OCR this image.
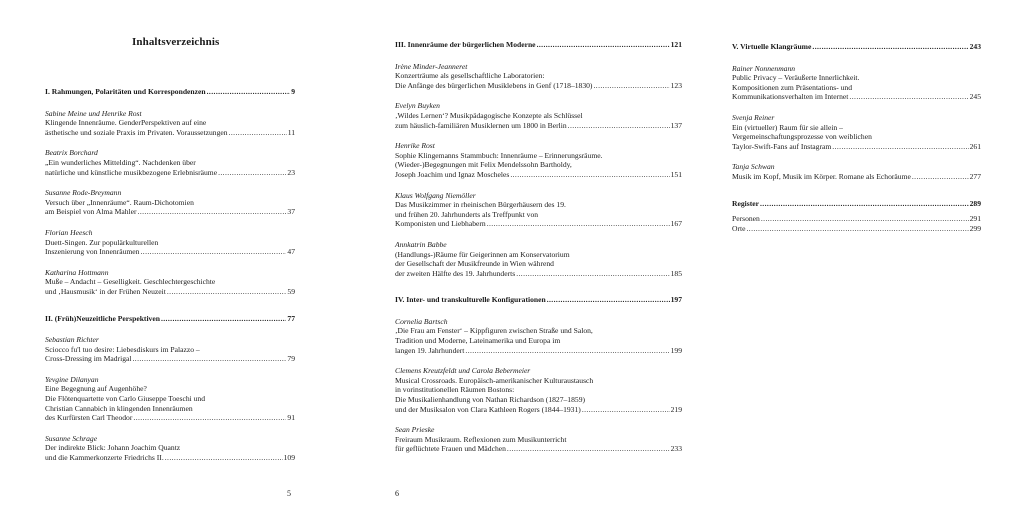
Inhaltsverzeichnis
I. Rahmungen, Polaritäten und Korrespondenzen .....	9
Sabine Meine und Henrike Rost
Klingende Innenräume. GenderPerspektiven auf eine
ästhetische und soziale Praxis im Privaten. Voraussetzungen .....	11
Beatrix Borchard
„Ein wunderliches Mittelding“. Nachdenken über
natürliche und künstliche musikbezogene Erlebnisräume .....	23
Susanne Rode-Breymann
Versuch über „Innenräume“. Raum-Dichotomien
am Beispiel von Alma Mahler .....	37
Florian Heesch
Duett-Singen. Zur populärkulturellen
Inszenierung von Innenräumen .....	47
Katharina Hottmann
Muße – Andacht – Geselligkeit. Geschlechtergeschichte
und ‚Hausmusik‘ in der Frühen Neuzeit .....	59
II. (Früh)Neuzeitliche Perspektiven .....	77
Sebastian Richter
Sciocco fu'l tuo desire: Liebesdiskurs im Palazzo –
Cross-Dressing im Madrigal .....	79
Yevgine Dilanyan
Eine Begegnung auf Augenhöhe?
Die Flötenquartette von Carlo Giuseppe Toeschi und
Christian Cannabich in klingenden Innenräumen
des Kurfürsten Carl Theodor .....	91
Susanne Schrage
Der indirekte Blick: Johann Joachim Quantz
und die Kammerkonzerte Friedrichs II. .....	109
5
III. Innenräume der bürgerlichen Moderne .....	121
Irène Minder-Jeanneret
Konzerträume als gesellschaftliche Laboratorien:
Die Anfänge des bürgerlichen Musiklebens in Genf (1718–1830) .....	123
Evelyn Buyken
‚Wildes Lernen‘? Musikpädagogische Konzepte als Schlüssel
zum häuslich-familiären Musiklernen um 1800 in Berlin .....	137
Henrike Rost
Sophie Klingemanns Stammbuch: Innenräume – Erinnerungsräume.
(Wieder-)Begegnungen mit Felix Mendelssohn Bartholdy,
Joseph Joachim und Ignaz Moscheles .....	151
Klaus Wolfgang Niemöller
Das Musikzimmer in rheinischen Bürgerhäusern des 19.
und frühen 20. Jahrhunderts als Treffpunkt von
Komponisten und Liebhabern .....	167
Annkatrin Babbe
(Handlungs-)Räume für Geigerinnen am Konservatorium
der Gesellschaft der Musikfreunde in Wien während
der zweiten Hälfte des 19. Jahrhunderts .....	185
IV. Inter- und transkulturelle Konfigurationen .....	197
Cornelia Bartsch
‚Die Frau am Fenster‘ – Kippfiguren zwischen Straße und Salon,
Tradition und Moderne, Lateinamerika und Europa im
langen 19. Jahrhundert .....	199
Clemens Kreutzfeldt und Carola Bebermeier
Musical Crossroads. Europäisch-amerikanischer Kulturaustausch
in vorinstitutionellen Räumen Bostons:
Die Musikalienhandlung von Nathan Richardson (1827–1859)
und der Musiksalon von Clara Kathleen Rogers (1844–1931) .....	219
Sean Prieske
Freiraum Musikraum. Reflexionen zum Musikunterricht
für geflüchtete Frauen und Mädchen .....	233
6
V. Virtuelle Klangräume .....	243
Rainer Nonnenmann
Public Privacy – Veräußerte Innerlichkeit.
Kompositionen zum Präsentations- und
Kommunikationsverhalten im Internet .....	245
Svenja Reiner
Ein (virtueller) Raum für sie allein –
Vergemeinschaftungsprozesse von weiblichen
Taylor-Swift-Fans auf Instagram .....	261
Tanja Schwan
Musik im Kopf, Musik im Körper. Romane als Echoräume .....	277
Register .....	289
Personen .....	291
Orte .....	299
